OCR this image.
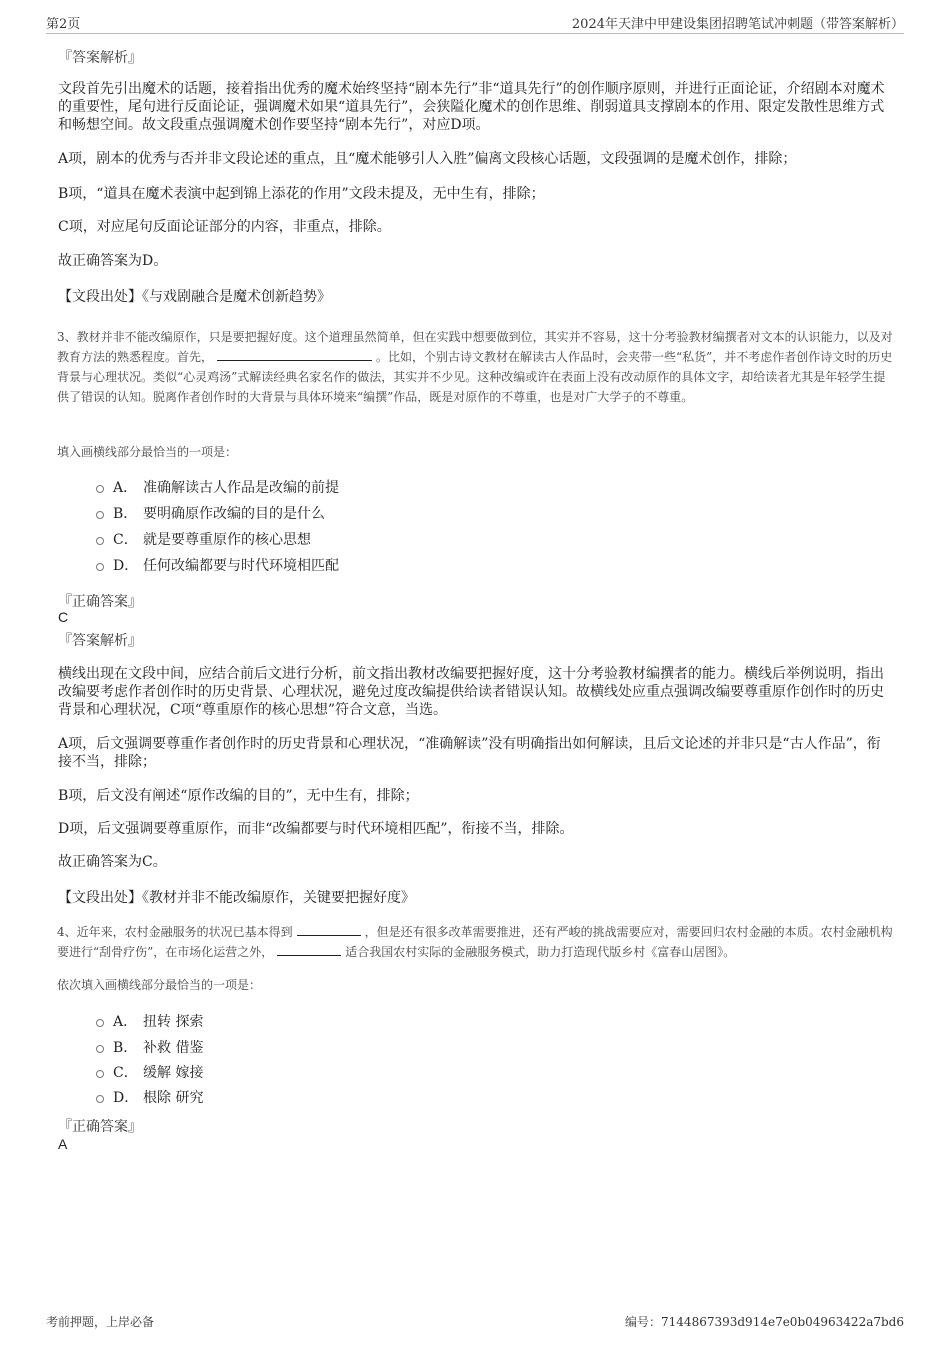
第2页	2024年天津中甲建设集团招聘笔试冲刺题（带答案解析）
『答案解析』
文段首先引出魔术的话题，接着指出优秀的魔术始终坚持“剧本先行”非“道具先行”的创作顺序原则，并进行正面论证，介绍剧本对魔术的重要性，尾句进行反面论证，强调魔术如果“道具先行”，会狭隘化魔术的创作思维、削弱道具支撑剧本的作用、限定发散性思维方式和畅想空间。故文段重点强调魔术创作要坚持“剧本先行”，对应D项。
A项，剧本的优秀与否并非文段论述的重点，且“魔术能够引人入胜”偏离文段核心话题，文段强调的是魔术创作，排除；
B项，“道具在魔术表演中起到锦上添花的作用”文段未提及，无中生有，排除；
C项，对应尾句反面论证部分的内容，非重点，排除。
故正确答案为D。
【文段出处】《与戏剧融合是魔术创新趋势》
3、教材并非不能改编原作，只是要把握好度。这个道理虽然简单，但在实践中想要做到位，其实并不容易，这十分考验教材编撰者对文本的认识能力，以及对教育方法的熟悉程度。首先，	。比如，个别古诗文教材在解读古人作品时，会夹带一些“私货”，并不考虑作者创作诗文时的历史背景与心理状况。类似“心灵鸡汤”式解读经典名家名作的做法，其实并不少见。这种改编或许在表面上没有改动原作的具体文字，却给读者尤其是年轻学生提供了错误的认知。脱离作者创作时的大背景与具体环境来“编撰”作品，既是对原作的不尊重，也是对广大学子的不尊重。
填入画横线部分最恰当的一项是：
A． 准确解读古人作品是改编的前提
B． 要明确原作改编的目的是什么
C． 就是要尊重原作的核心思想
D． 任何改编都要与时代环境相匹配
『正确答案』
C
『答案解析』
横线出现在文段中间，应结合前后文进行分析，前文指出教材改编要把握好度，这十分考验教材编撰者的能力。横线后举例说明，指出改编要考虑作者创作时的历史背景、心理状况，避免过度改编提供给读者错误认知。故横线处应重点强调改编要尊重原作创作时的历史背景和心理状况，C项“尊重原作的核心思想”符合文意，当选。
A项，后文强调要尊重作者创作时的历史背景和心理状况，“准确解读”没有明确指出如何解读，且后文论述的并非只是“古人作品”，衔接不当，排除；
B项，后文没有阐述“原作改编的目的”，无中生有，排除；
D项，后文强调要尊重原作，而非“改编都要与时代环境相匹配”，衔接不当，排除。
故正确答案为C。
【文段出处】《教材并非不能改编原作，关键要把握好度》
4、近年来，农村金融服务的状况已基本得到	，但是还有很多改革需要推进，还有严峻的挑战需要应对，需要回归农村金融的本质。农村金融机构要进行“刮骨疗伤”，在市场化运营之外，	适合我国农村实际的金融服务模式，助力打造现代版乡村《富春山居图》。
依次填入画横线部分最恰当的一项是：
A． 扭转 探索
B． 补救 借鉴
C． 缓解 嫁接
D． 根除 研究
『正确答案』
A
考前押题，上岸必备	编号：7144867393d914e7e0b04963422a7bd6
